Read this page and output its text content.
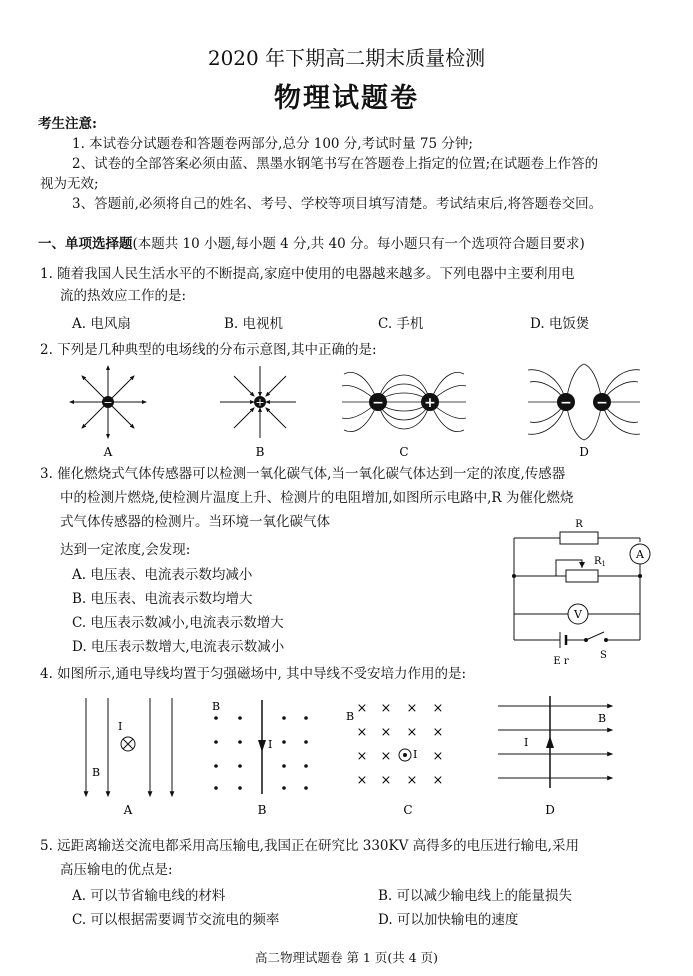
2020 年下期高二期末质量检测
物理试题卷
考生注意:
1. 本试卷分试题卷和答题卷两部分,总分 100 分,考试时量 75 分钟;
2、试卷的全部答案必须由蓝、黑墨水钢笔书写在答题卷上指定的位置;在试题卷上作答的
视为无效;
3、答题前,必须将自己的姓名、考号、学校等项目填写清楚。考试结束后,将答题卷交回。
一、单项选择题(本题共 10 小题,每小题 4 分,共 40 分。每小题只有一个选项符合题目要求)
1. 随着我国人民生活水平的不断提高,家庭中使用的电器越来越多。下列电器中主要利用电
流的热效应工作的是:
A. 电风扇	B. 电视机	C. 手机	D. 电饭煲
2. 下列是几种典型的电场线的分布示意图,其中正确的是:
−
A
+
B
−	+
C
− −
D
3. 催化燃烧式气体传感器可以检测一氧化碳气体,当一氧化碳气体达到一定的浓度,传感器
中的检测片燃烧,使检测片温度上升、检测片的电阻增加,如图所示电路中,R 为催化燃烧
式气体传感器的检测片。当环境一氧化碳气体
达到一定浓度,会发现:
A. 电压表、电流表示数均减小
B. 电压表、电流表示数均增大
C. 电压表示数减小,电流表示数增大
D. 电压表示数增大,电流表示数减小
R
$R_1$
A
V
S
E r
4. 如图所示,通电导线均置于匀强磁场中, 其中导线不受安培力作用的是:
I
B
A
B
I
B
× × × ×
× × × ×
× ×	×
× × × ×
B
I
C
B
I
D
5. 远距离输送交流电都采用高压输电,我国正在研究比 330KV 高得多的电压进行输电,采用
高压输电的优点是:
A. 可以节省输电线的材料	B. 可以减少输电线上的能量损失
C. 可以根据需要调节交流电的频率	D. 可以加快输电的速度
高二物理试题卷 第 1 页(共 4 页)
